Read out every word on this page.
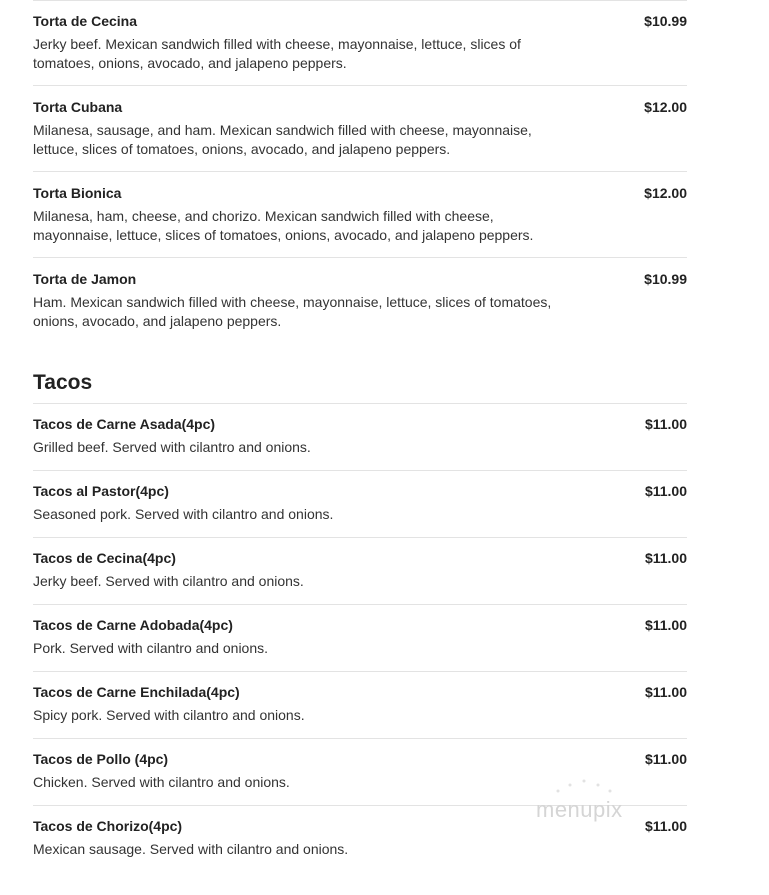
Torta de Cecina	$10.99
Jerky beef. Mexican sandwich filled with cheese, mayonnaise, lettuce, slices of tomatoes, onions, avocado, and jalapeno peppers.
Torta Cubana	$12.00
Milanesa, sausage, and ham. Mexican sandwich filled with cheese, mayonnaise, lettuce, slices of tomatoes, onions, avocado, and jalapeno peppers.
Torta Bionica	$12.00
Milanesa, ham, cheese, and chorizo. Mexican sandwich filled with cheese, mayonnaise, lettuce, slices of tomatoes, onions, avocado, and jalapeno peppers.
Torta de Jamon	$10.99
Ham. Mexican sandwich filled with cheese, mayonnaise, lettuce, slices of tomatoes, onions, avocado, and jalapeno peppers.
Tacos
Tacos de Carne Asada(4pc)	$11.00
Grilled beef. Served with cilantro and onions.
Tacos al Pastor(4pc)	$11.00
Seasoned pork. Served with cilantro and onions.
Tacos de Cecina(4pc)	$11.00
Jerky beef. Served with cilantro and onions.
Tacos de Carne Adobada(4pc)	$11.00
Pork. Served with cilantro and onions.
Tacos de Carne Enchilada(4pc)	$11.00
Spicy pork. Served with cilantro and onions.
Tacos de Pollo (4pc)	$11.00
Chicken. Served with cilantro and onions.
Tacos de Chorizo(4pc)	$11.00
Mexican sausage. Served with cilantro and onions.
menupix
